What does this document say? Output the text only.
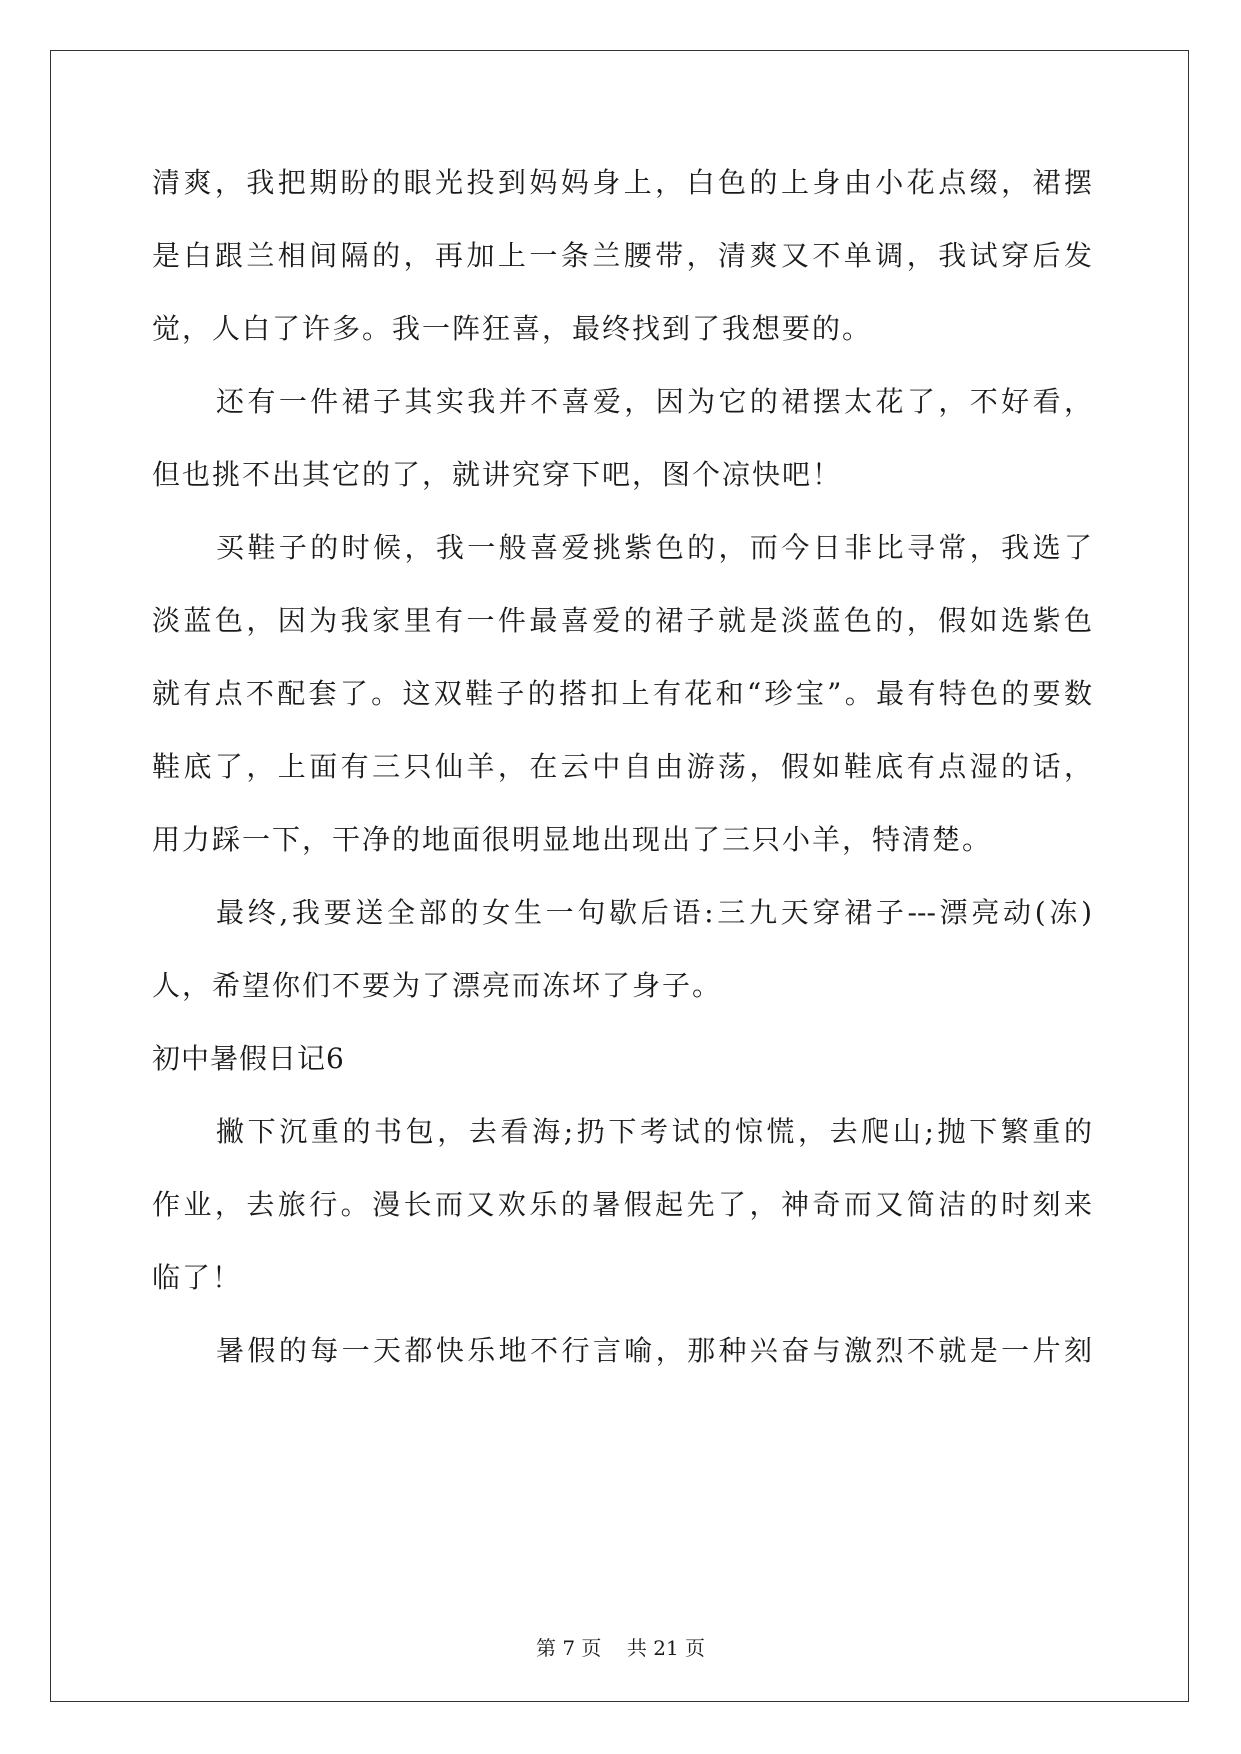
清爽，我把期盼的眼光投到妈妈身上，白色的上身由小花点缀，裙摆
是白跟兰相间隔的，再加上一条兰腰带，清爽又不单调，我试穿后发
觉，人白了许多。我一阵狂喜，最终找到了我想要的。
还有一件裙子其实我并不喜爱，因为它的裙摆太花了，不好看，
但也挑不出其它的了，就讲究穿下吧，图个凉快吧！
买鞋子的时候，我一般喜爱挑紫色的，而今日非比寻常，我选了
淡蓝色，因为我家里有一件最喜爱的裙子就是淡蓝色的，假如选紫色
就有点不配套了。这双鞋子的搭扣上有花和“珍宝”。最有特色的要数
鞋底了，上面有三只仙羊，在云中自由游荡，假如鞋底有点湿的话，
用力踩一下，干净的地面很明显地出现出了三只小羊，特清楚。
最终,我要送全部的女生一句歇后语:三九天穿裙子---漂亮动(冻)
人，希望你们不要为了漂亮而冻坏了身子。
初中暑假日记6
撇下沉重的书包，去看海;扔下考试的惊慌，去爬山;抛下繁重的
作业，去旅行。漫长而又欢乐的暑假起先了，神奇而又简洁的时刻来
临了！
暑假的每一天都快乐地不行言喻，那种兴奋与激烈不就是一片刻
第 7 页 共 21 页
